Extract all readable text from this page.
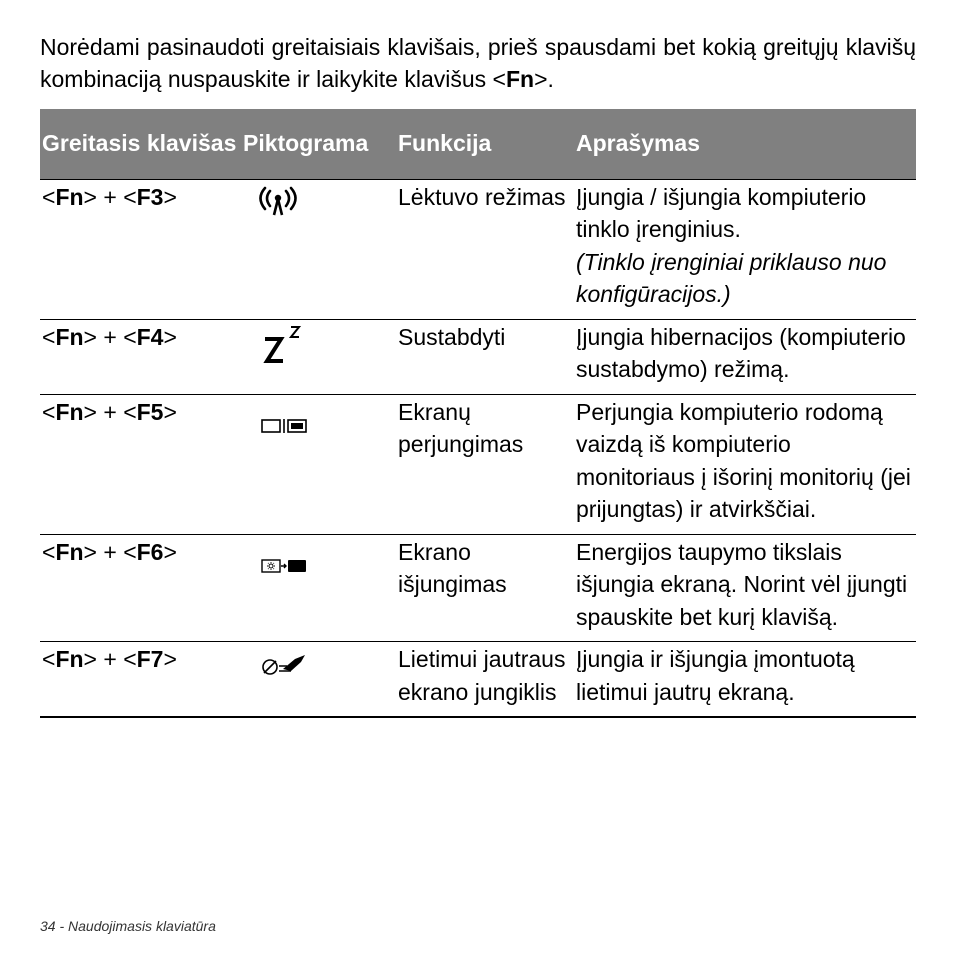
Norėdami pasinaudoti greitaisiais klavišais, prieš spausdami bet kokią greitųjų klavišų kombinaciją nuspauskite ir laikykite klavišus <Fn>.

Greitasis klavišas	Piktograma	Funkcija	Aprašymas
<Fn> + <F3>		Lėktuvo režimas	Įjungia / išjungia kompiuterio tinklo įrenginius.
(Tinklo įrenginiai priklauso nuo konfigūracijos.)

<Fn> + <F4>		Sustabdyti	Įjungia hibernacijos (kompiuterio sustabdymo) režimą.
<Fn> + <F5>		Ekranų perjungimas	Perjungia kompiuterio rodomą vaizdą iš kompiuterio monitoriaus į išorinį monitorių (jei prijungtas) ir atvirkščiai.
<Fn> + <F6>		Ekrano išjungimas	Energijos taupymo tikslais išjungia ekraną. Norint vėl įjungti spauskite bet kurį klavišą.
<Fn> + <F7>		Lietimui jautraus ekrano jungiklis	Įjungia ir išjungia įmontuotą lietimui jautrų ekraną.
34 - Naudojimasis klaviatūra
